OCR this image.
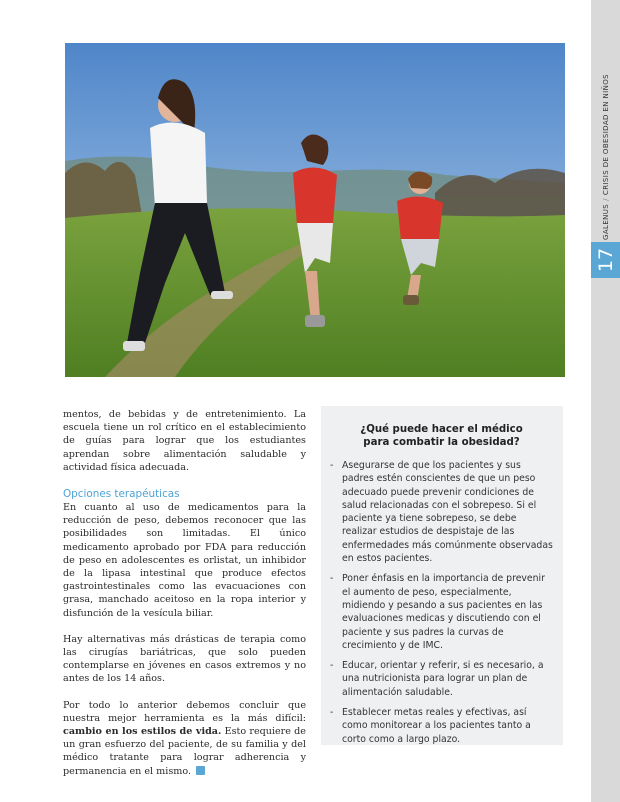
GALENUS/CRISIS DE OBESIDAD EN NIÑOS
17

mentos, de bebidas y de entretenimiento. La escuela tiene un rol crítico en el establecimiento de guías para lograr que los estudiantes aprendan sobre alimentación saludable y actividad física adecuada.

Opciones terapéuticas

En cuanto al uso de medicamentos para la reducción de peso, debemos reconocer que las posibilidades son limitadas. El único medicamento aprobado por FDA para reducción de peso en adolescentes es orlistat, un inhibidor de la lipasa intestinal que produce efectos gastrointestinales como las evacuaciones con grasa, manchado aceitoso en la ropa interior y disfunción de la vesícula biliar.

Hay alternativas más drásticas de terapia como las cirugías bariátricas, que solo pueden contemplarse en jóvenes en casos extremos y no antes de los 14 años.

Por todo lo anterior debemos concluir que nuestra mejor herramienta es la más difícil: cambio en los estilos de vida. Esto requiere de un gran esfuerzo del paciente, de su familia y del médico tratante para lograr adherencia y permanencia en el mismo.

¿Qué puede hacer el médico
para combatir la obesidad?
- Asegurarse de que los pacientes y sus padres estén conscientes de que un peso adecuado puede prevenir condiciones de salud relacionadas con el sobrepeso. Si el paciente ya tiene sobrepeso, se debe realizar estudios de despistaje de las enfermedades más comúnmente observadas en estos pacientes.
- Poner énfasis en la importancia de prevenir el aumento de peso, especialmente, midiendo y pesando a sus pacientes en las evaluaciones medicas y discutiendo con el paciente y sus padres la curvas de crecimiento y de IMC.
- Educar, orientar y referir, si es necesario, a una nutricionista para lograr un plan de alimentación saludable.
- Establecer metas reales y efectivas, así como monitorear a los pacientes tanto a corto como a largo plazo.
